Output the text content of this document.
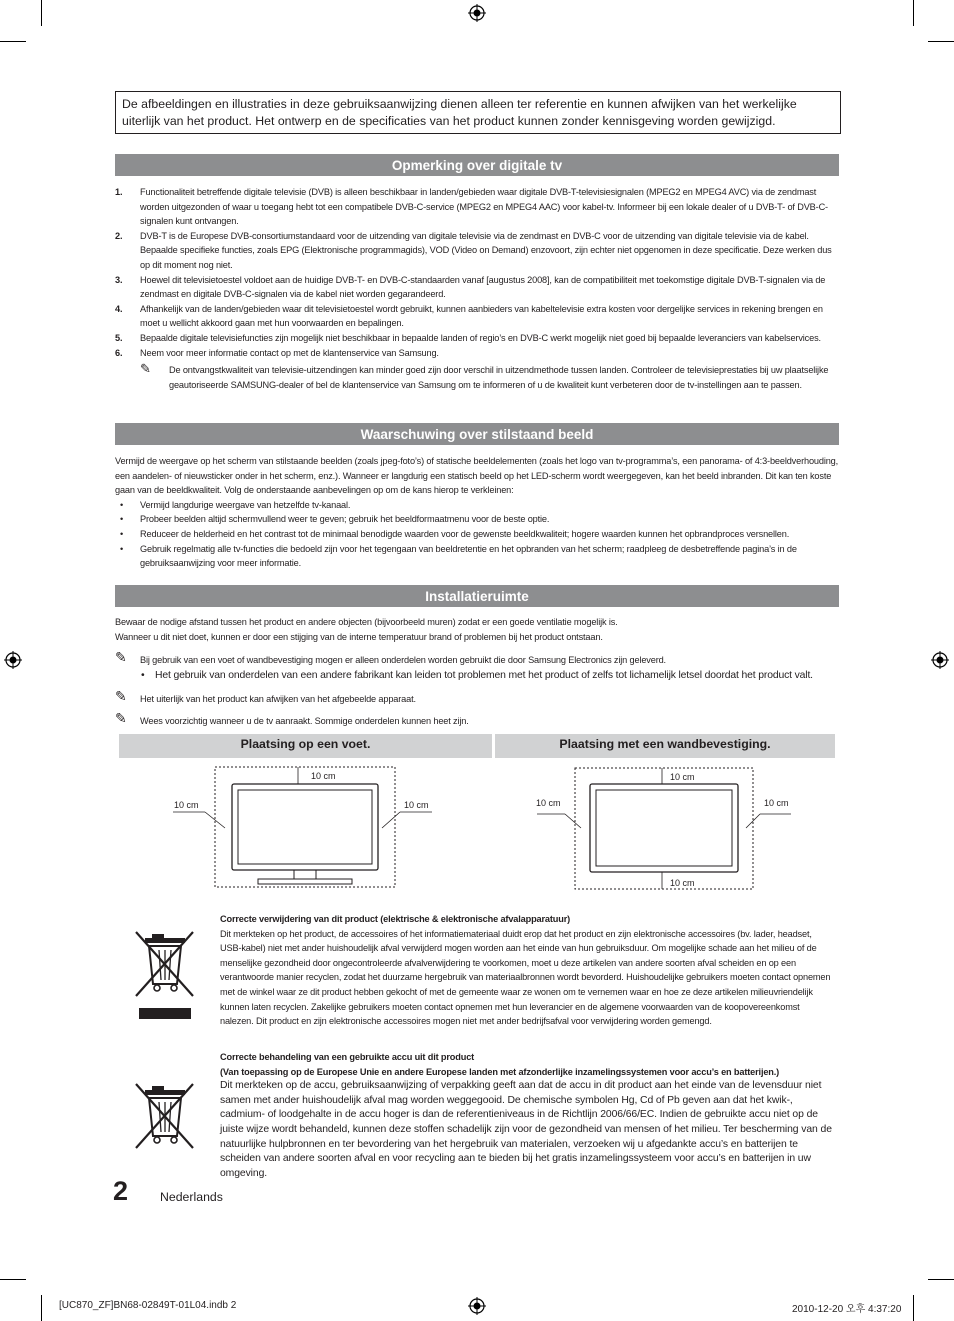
De afbeeldingen en illustraties in deze gebruiksaanwijzing dienen alleen ter referentie en kunnen afwijken van het werkelijke uiterlijk van het product. Het ontwerp en de specificaties van het product kunnen zonder kennisgeving worden gewijzigd.
Opmerking over digitale tv
1. Functionaliteit betreffende digitale televisie (DVB) is alleen beschikbaar in landen/gebieden waar digitale DVB-T-televisiesignalen (MPEG2 en MPEG4 AVC) via de zendmast worden uitgezonden of waar u toegang hebt tot een compatibele DVB-C-service (MPEG2 en MPEG4 AAC) voor kabel-tv. Informeer bij een lokale dealer of u DVB-T- of DVB-C-signalen kunt ontvangen.
2. DVB-T is de Europese DVB-consortiumstandaard voor de uitzending van digitale televisie via de zendmast en DVB-C voor de uitzending van digitale televisie via de kabel. Bepaalde specifieke functies, zoals EPG (Elektronische programmagids), VOD (Video on Demand) enzovoort, zijn echter niet opgenomen in deze specificatie. Deze werken dus op dit moment nog niet.
3. Hoewel dit televisietoestel voldoet aan de huidige DVB-T- en DVB-C-standaarden vanaf [augustus 2008], kan de compatibiliteit met toekomstige digitale DVB-T-signalen via de zendmast en digitale DVB-C-signalen via de kabel niet worden gegarandeerd.
4. Afhankelijk van de landen/gebieden waar dit televisietoestel wordt gebruikt, kunnen aanbieders van kabeltelevisie extra kosten voor dergelijke services in rekening brengen en moet u wellicht akkoord gaan met hun voorwaarden en bepalingen.
5. Bepaalde digitale televisiefuncties zijn mogelijk niet beschikbaar in bepaalde landen of regio’s en DVB-C werkt mogelijk niet goed bij bepaalde leveranciers van kabelservices.
6. Neem voor meer informatie contact op met de klantenservice van Samsung.
✎ De ontvangstkwaliteit van televisie-uitzendingen kan minder goed zijn door verschil in uitzendmethode tussen landen. Controleer de televisieprestaties bij uw plaatselijke geautoriseerde SAMSUNG-dealer of bel de klantenservice van Samsung om te informeren of u de kwaliteit kunt verbeteren door de tv-instellingen aan te passen.
Waarschuwing over stilstaand beeld
Vermijd de weergave op het scherm van stilstaande beelden (zoals jpeg-foto’s) of statische beeldelementen (zoals het logo van tv-programma’s, een panorama- of 4:3-beeldverhouding, een aandelen- of nieuwsticker onder in het scherm, enz.). Wanneer er langdurig een statisch beeld op het LED-scherm wordt weergegeven, kan het beeld inbranden. Dit kan ten koste gaan van de beeldkwaliteit. Volg de onderstaande aanbevelingen op om de kans hierop te verkleinen:
• Vermijd langdurige weergave van hetzelfde tv-kanaal.
• Probeer beelden altijd schermvullend weer te geven; gebruik het beeldformaatmenu voor de beste optie.
• Reduceer de helderheid en het contrast tot de minimaal benodigde waarden voor de gewenste beeldkwaliteit; hogere waarden kunnen het opbrandproces versnellen.
• Gebruik regelmatig alle tv-functies die bedoeld zijn voor het tegengaan van beeldretentie en het opbranden van het scherm; raadpleeg de desbetreffende pagina’s in de gebruiksaanwijzing voor meer informatie.
Installatieruimte
Bewaar de nodige afstand tussen het product en andere objecten (bijvoorbeeld muren) zodat er een goede ventilatie mogelijk is.
Wanneer u dit niet doet, kunnen er door een stijging van de interne temperatuur brand of problemen bij het product ontstaan.
✎	Bij gebruik van een voet of wandbevestiging mogen er alleen onderdelen worden gebruikt die door Samsung Electronics zijn geleverd.
• Het gebruik van onderdelen van een andere fabrikant kan leiden tot problemen met het product of zelfs tot lichamelijk letsel doordat het product valt.
✎	Het uiterlijk van het product kan afwijken van het afgebeelde apparaat.
✎	Wees voorzichtig wanneer u de tv aanraakt. Sommige onderdelen kunnen heet zijn.
Plaatsing op een voet.	Plaatsing met een wandbevestiging.
10 cm
10 cm	10 cm
10 cm
10 cm	10 cm
10 cm
Correcte verwijdering van dit product (elektrische & elektronische afvalapparatuur)
Dit merkteken op het product, de accessoires of het informatiemateriaal duidt erop dat het product en zijn elektronische accessoires (bv. lader, headset, USB-kabel) niet met ander huishoudelijk afval verwijderd mogen worden aan het einde van hun gebruiksduur. Om mogelijke schade aan het milieu of de menselijke gezondheid door ongecontroleerde afvalverwijdering te voorkomen, moet u deze artikelen van andere soorten afval scheiden en op een verantwoorde manier recyclen, zodat het duurzame hergebruik van materiaalbronnen wordt bevorderd. Huishoudelijke gebruikers moeten contact opnemen met de winkel waar ze dit product hebben gekocht of met de gemeente waar ze wonen om te vernemen waar en hoe ze deze artikelen milieuvriendelijk kunnen laten recyclen. Zakelijke gebruikers moeten contact opnemen met hun leverancier en de algemene voorwaarden van de koopovereenkomst nalezen. Dit product en zijn elektronische accessoires mogen niet met ander bedrijfsafval voor verwijdering worden gemengd.
Correcte behandeling van een gebruikte accu uit dit product
(Van toepassing op de Europese Unie en andere Europese landen met afzonderlijke inzamelingssystemen voor accu’s en batterijen.)
Dit merkteken op de accu, gebruiksaanwijzing of verpakking geeft aan dat de accu in dit product aan het einde van de levensduur niet samen met ander huishoudelijk afval mag worden weggegooid. De chemische symbolen Hg, Cd of Pb geven aan dat het kwik-, cadmium- of loodgehalte in de accu hoger is dan de referentieniveaus in de Richtlijn 2006/66/EC. Indien de gebruikte accu niet op de juiste wijze wordt behandeld, kunnen deze stoffen schadelijk zijn voor de gezondheid van mensen of het milieu. Ter bescherming van de natuurlijke hulpbronnen en ter bevordering van het hergebruik van materialen, verzoeken wij u afgedankte accu’s en batterijen te scheiden van andere soorten afval en voor recycling aan te bieden bij het gratis inzamelingssysteem voor accu’s en batterijen in uw omgeving.
2	Nederlands
[UC870_ZF]BN68-02849T-01L04.indb 2	2010-12-20 오후 4:37:20
